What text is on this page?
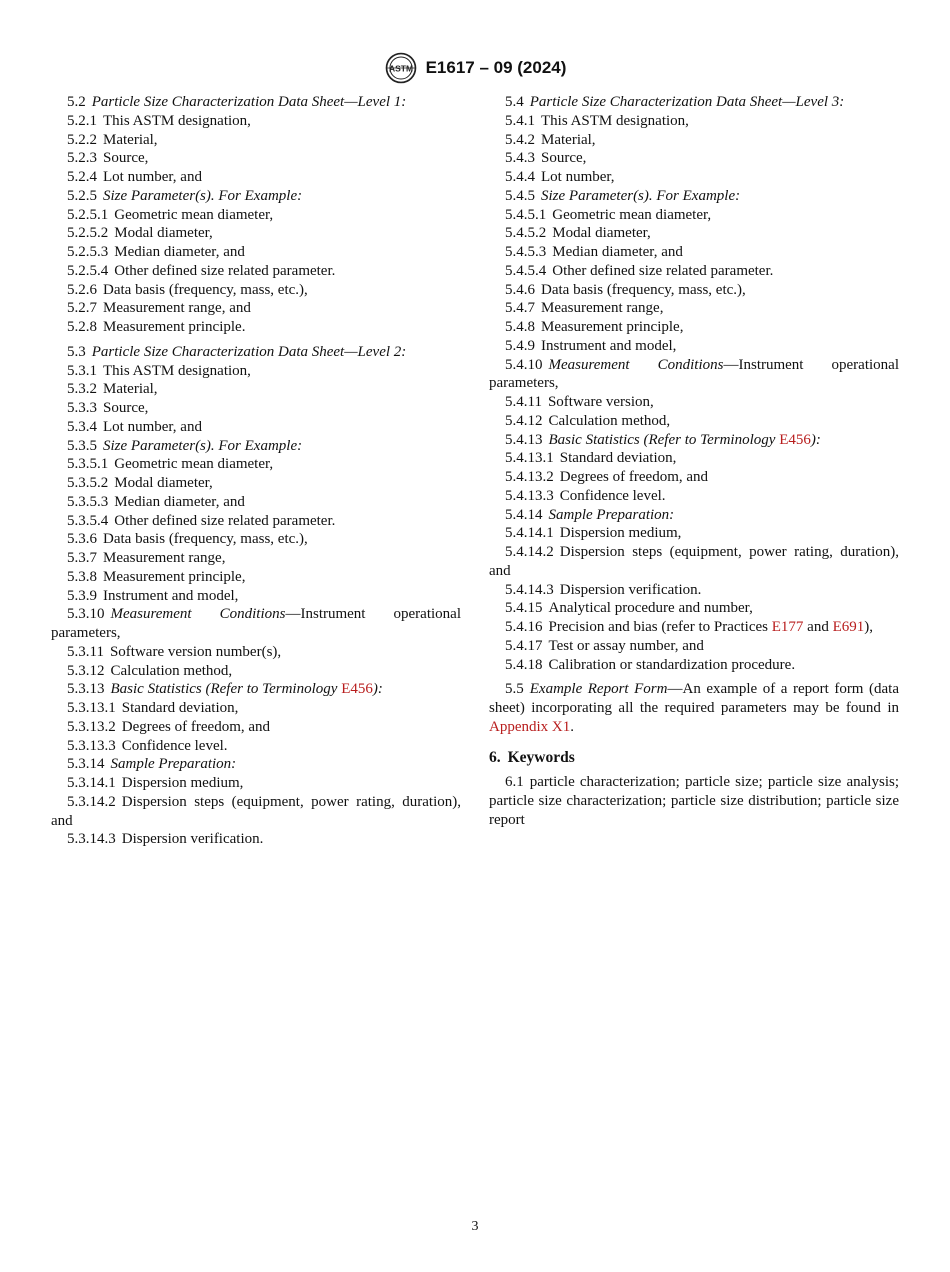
ASTM E1617 – 09 (2024)

5.2 Particle Size Characterization Data Sheet—Level 1:

5.2.1 This ASTM designation,

5.2.2 Material,

5.2.3 Source,

5.2.4 Lot number, and

5.2.5 Size Parameter(s). For Example:

5.2.5.1 Geometric mean diameter,

5.2.5.2 Modal diameter,

5.2.5.3 Median diameter, and

5.2.5.4 Other defined size related parameter.

5.2.6 Data basis (frequency, mass, etc.),

5.2.7 Measurement range, and

5.2.8 Measurement principle.

5.3 Particle Size Characterization Data Sheet—Level 2:

5.3.1 This ASTM designation,

5.3.2 Material,

5.3.3 Source,

5.3.4 Lot number, and

5.3.5 Size Parameter(s). For Example:

5.3.5.1 Geometric mean diameter,

5.3.5.2 Modal diameter,

5.3.5.3 Median diameter, and

5.3.5.4 Other defined size related parameter.

5.3.6 Data basis (frequency, mass, etc.),

5.3.7 Measurement range,

5.3.8 Measurement principle,

5.3.9 Instrument and model,

5.3.10 Measurement Conditions—Instrument operational parameters,

5.3.11 Software version number(s),

5.3.12 Calculation method,

5.3.13 Basic Statistics (Refer to Terminology E456):

5.3.13.1 Standard deviation,

5.3.13.2 Degrees of freedom, and

5.3.13.3 Confidence level.

5.3.14 Sample Preparation:

5.3.14.1 Dispersion medium,

5.3.14.2 Dispersion steps (equipment, power rating, duration), and

5.3.14.3 Dispersion verification.

5.4 Particle Size Characterization Data Sheet—Level 3:

5.4.1 This ASTM designation,

5.4.2 Material,

5.4.3 Source,

5.4.4 Lot number,

5.4.5 Size Parameter(s). For Example:

5.4.5.1 Geometric mean diameter,

5.4.5.2 Modal diameter,

5.4.5.3 Median diameter, and

5.4.5.4 Other defined size related parameter.

5.4.6 Data basis (frequency, mass, etc.),

5.4.7 Measurement range,

5.4.8 Measurement principle,

5.4.9 Instrument and model,

5.4.10 Measurement Conditions—Instrument operational parameters,

5.4.11 Software version,

5.4.12 Calculation method,

5.4.13 Basic Statistics (Refer to Terminology E456):

5.4.13.1 Standard deviation,

5.4.13.2 Degrees of freedom, and

5.4.13.3 Confidence level.

5.4.14 Sample Preparation:

5.4.14.1 Dispersion medium,

5.4.14.2 Dispersion steps (equipment, power rating, duration), and

5.4.14.3 Dispersion verification.

5.4.15 Analytical procedure and number,

5.4.16 Precision and bias (refer to Practices E177 and E691),

5.4.17 Test or assay number, and

5.4.18 Calibration or standardization procedure.

5.5 Example Report Form—An example of a report form (data sheet) incorporating all the required parameters may be found in Appendix X1.

6. Keywords

6.1 particle characterization; particle size; particle size analysis; particle size characterization; particle size distribution; particle size report

3
